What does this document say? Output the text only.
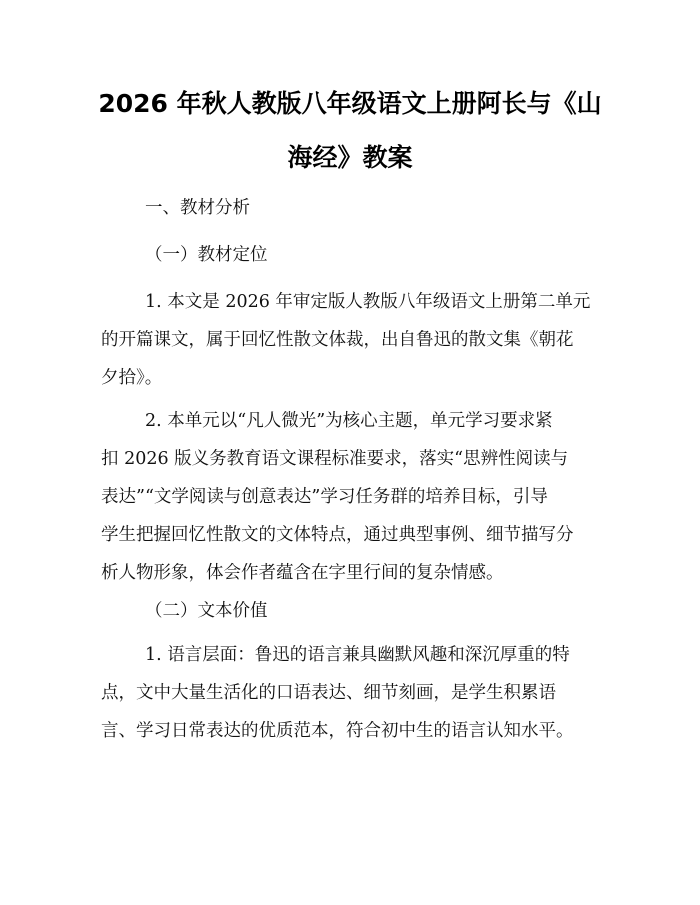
2026 年秋人教版八年级语文上册阿长与《山
海经》教案

一、教材分析

（一）教材定位

1. 本文是 2026 年审定版人教版八年级语文上册第二单元
的开篇课文，属于回忆性散文体裁，出自鲁迅的散文集《朝花
夕拾》。
2. 本单元以“凡人微光”为核心主题，单元学习要求紧
扣 2026 版义务教育语文课程标准要求，落实“思辨性阅读与
表达”“文学阅读与创意表达”学习任务群的培养目标，引导
学生把握回忆性散文的文体特点，通过典型事例、细节描写分
析人物形象，体会作者蕴含在字里行间的复杂情感。

（二）文本价值

1. 语言层面：鲁迅的语言兼具幽默风趣和深沉厚重的特
点，文中大量生活化的口语表达、细节刻画，是学生积累语
言、学习日常表达的优质范本，符合初中生的语言认知水平。
